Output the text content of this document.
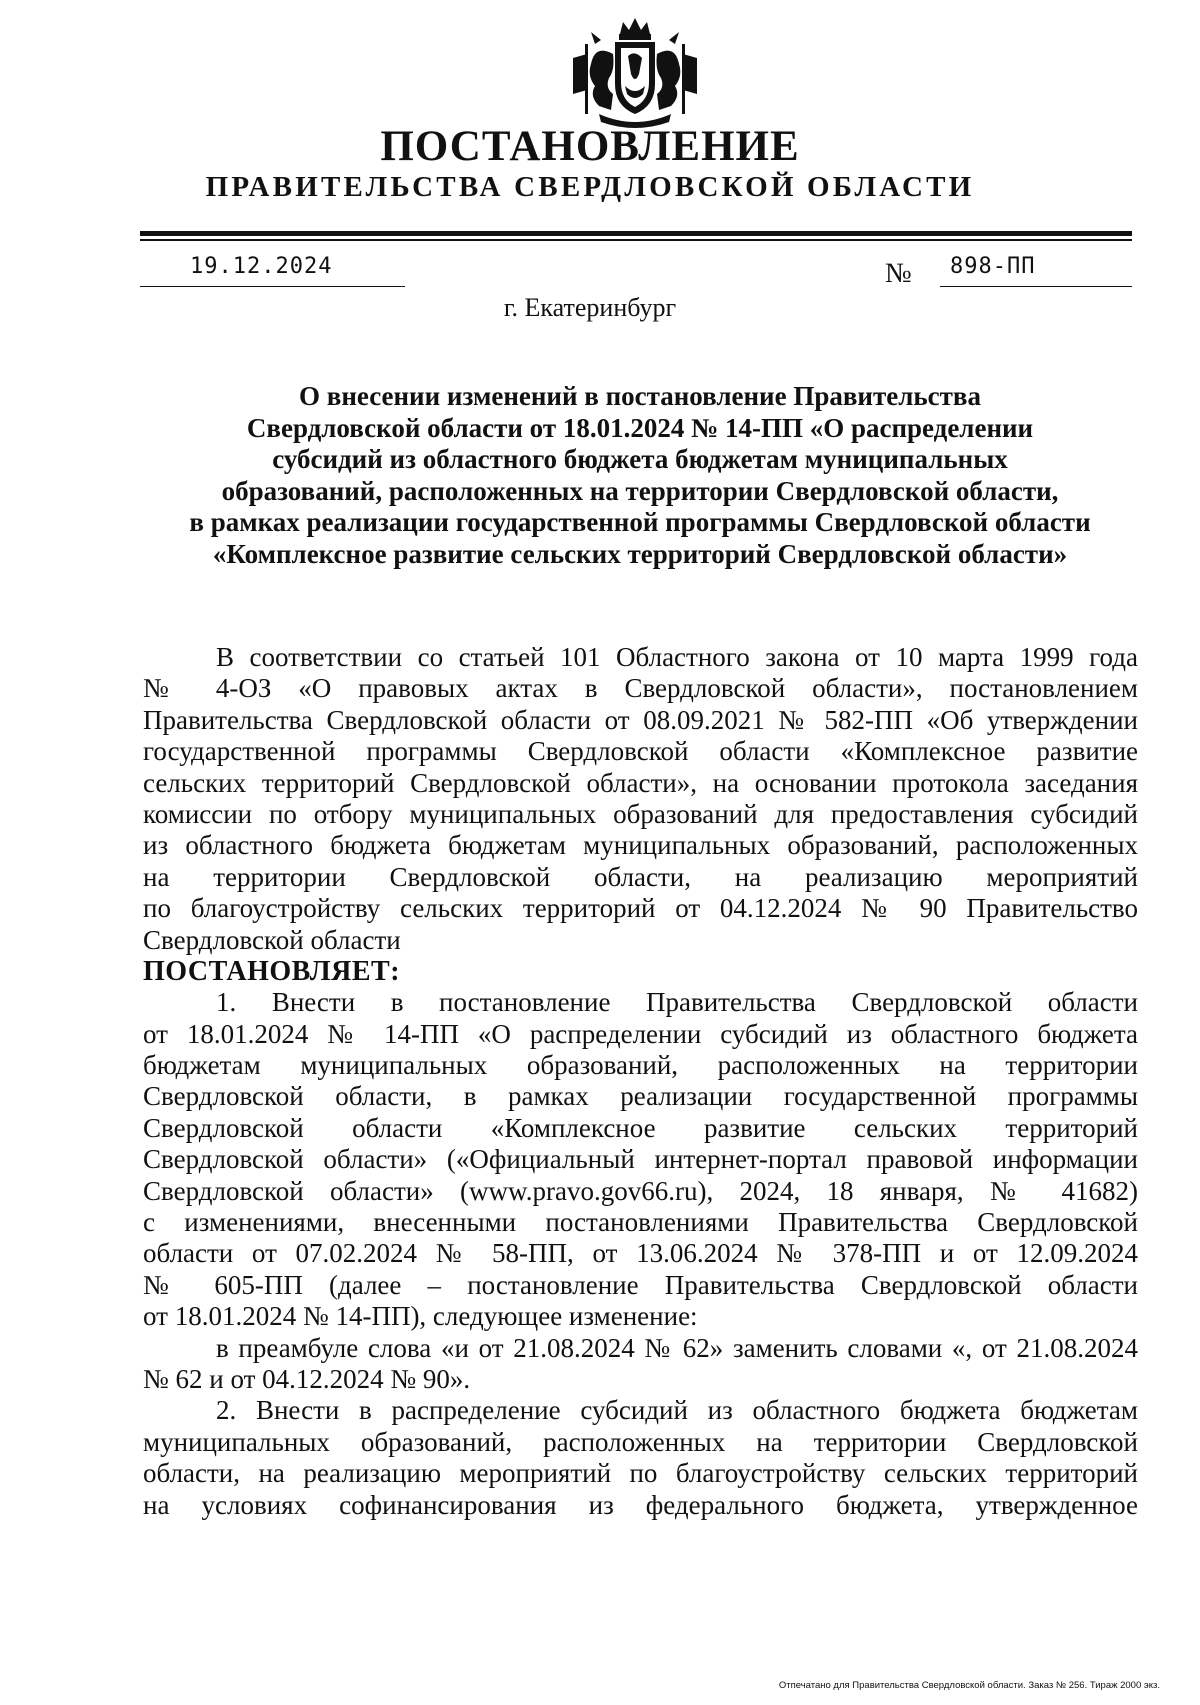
ПОСТАНОВЛЕНИЕ
ПРАВИТЕЛЬСТВА СВЕРДЛОВСКОЙ ОБЛАСТИ
19.12.2024	№ 898-ПП
г. Екатеринбург
О внесении изменений в постановление Правительства
Свердловской области от 18.01.2024 № 14-ПП «О распределении
субсидий из областного бюджета бюджетам муниципальных
образований, расположенных на территории Свердловской области,
в рамках реализации государственной программы Свердловской области
«Комплексное развитие сельских территорий Свердловской области»
В соответствии со статьей 101 Областного закона от 10 марта 1999 года
№ 4-ОЗ «О правовых актах в Свердловской области», постановлением
Правительства Свердловской области от 08.09.2021 № 582-ПП «Об утверждении
государственной программы Свердловской области «Комплексное развитие
сельских территорий Свердловской области», на основании протокола заседания
комиссии по отбору муниципальных образований для предоставления субсидий
из областного бюджета бюджетам муниципальных образований, расположенных
на территории Свердловской области, на реализацию мероприятий
по благоустройству сельских территорий от 04.12.2024 № 90 Правительство
Свердловской области
ПОСТАНОВЛЯЕТ:
1. Внести в постановление Правительства Свердловской области
от 18.01.2024 № 14-ПП «О распределении субсидий из областного бюджета
бюджетам муниципальных образований, расположенных на территории
Свердловской области, в рамках реализации государственной программы
Свердловской области «Комплексное развитие сельских территорий
Свердловской области» («Официальный интернет-портал правовой информации
Свердловской области» (www.pravo.gov66.ru), 2024, 18 января, № 41682)
с изменениями, внесенными постановлениями Правительства Свердловской
области от 07.02.2024 № 58-ПП, от 13.06.2024 № 378-ПП и от 12.09.2024
№ 605-ПП (далее – постановление Правительства Свердловской области
от 18.01.2024 № 14-ПП), следующее изменение:
в преамбуле слова «и от 21.08.2024 № 62» заменить словами «, от 21.08.2024
№ 62 и от 04.12.2024 № 90».
2. Внести в распределение субсидий из областного бюджета бюджетам
муниципальных образований, расположенных на территории Свердловской
области, на реализацию мероприятий по благоустройству сельских территорий
на условиях софинансирования из федерального бюджета, утвержденное
Отпечатано для Правительства Свердловской области. Заказ № 256. Тираж 2000 экз.
